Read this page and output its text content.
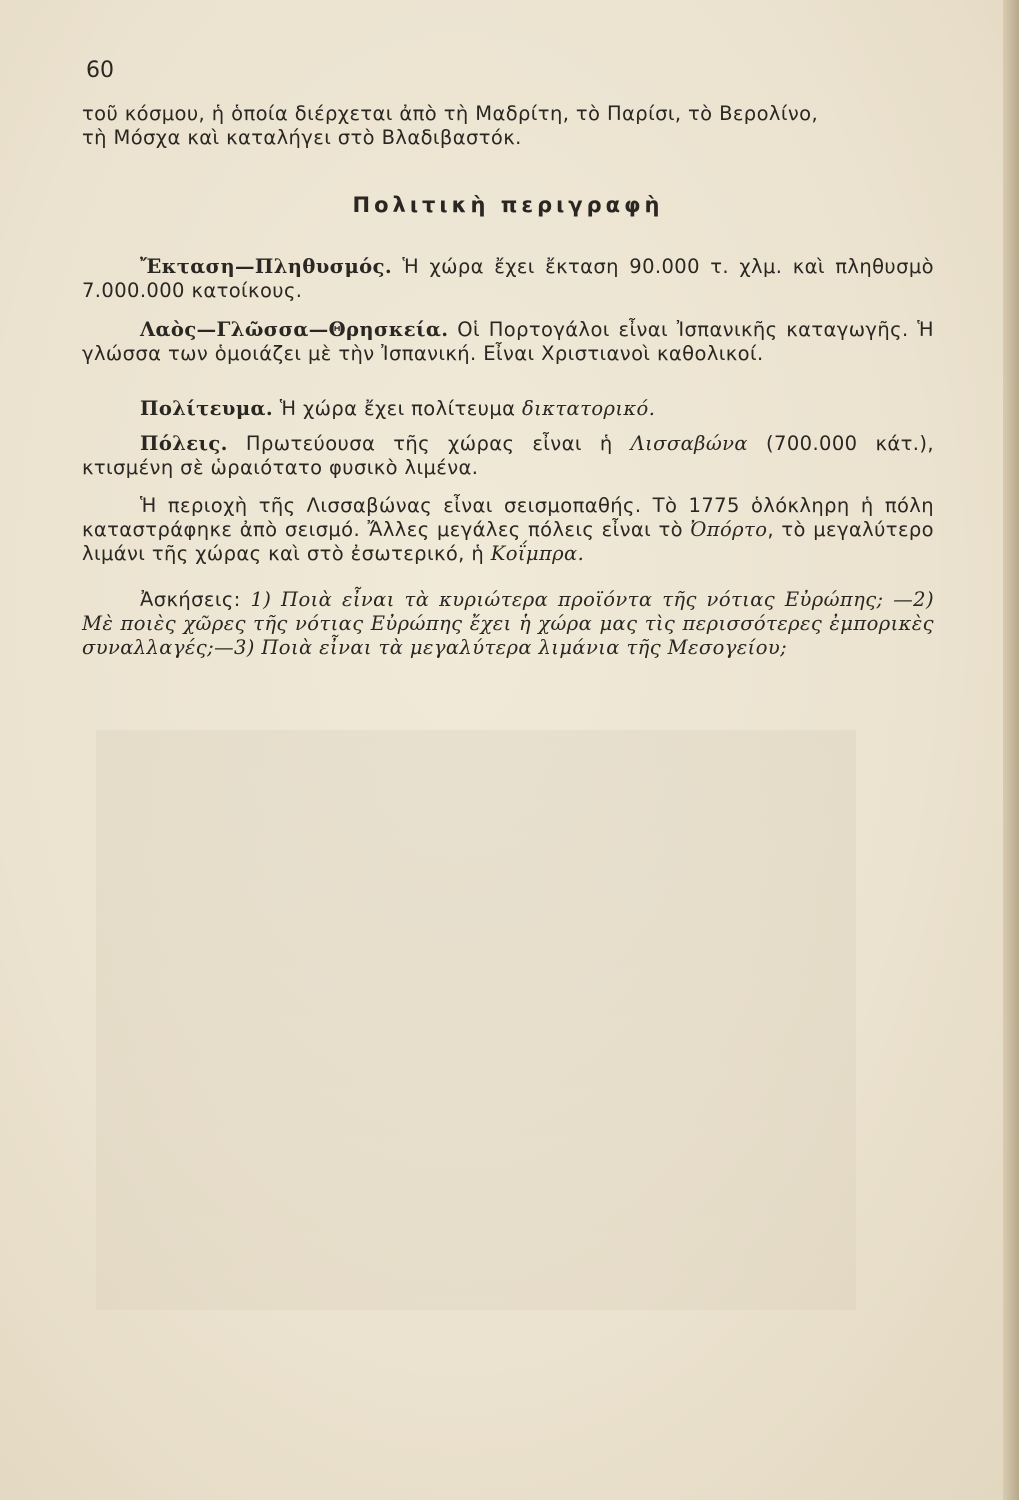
60
τοῦ κόσμου, ἡ ὁποία διέρχεται ἀπὸ τὴ Μαδρίτη, τὸ Παρίσι, τὸ Βερολίνο,
τὴ Μόσχα καὶ καταλήγει στὸ Βλαδιβαστόκ.
Πολιτικὴ περιγραφὴ
Ἔκταση—Πληθυσμός. Ἡ χώρα ἔχει ἔκταση 90.000 τ. χλμ. καὶ πληθυσμὸ 7.000.000 κατοίκους.
Λαὸς—Γλῶσσα—Θρησκεία. Οἱ Πορτογάλοι εἶναι Ἰσπανικῆς καταγωγῆς. Ἡ γλώσσα των ὁμοιάζει μὲ τὴν Ἰσπανική. Εἶναι Χριστιανοὶ καθολικοί.
Πολίτευμα. Ἡ χώρα ἔχει πολίτευμα δικτατορικό.
Πόλεις. Πρωτεύουσα τῆς χώρας εἶναι ἡ Λισσαβώνα (700.000 κάτ.), κτισμένη σὲ ὡραιότατο φυσικὸ λιμένα.
Ἡ περιοχὴ τῆς Λισσαβώνας εἶναι σεισμοπαθής. Τὸ 1775 ὁλόκληρη ἡ πόλη καταστράφηκε ἀπὸ σεισμό. Ἄλλες μεγάλες πόλεις εἶναι τὸ Ὀπόρτο, τὸ μεγαλύτερο λιμάνι τῆς χώρας καὶ στὸ ἐσωτερικό, ἡ Κοΐμπρα.
Ἀσκήσεις: 1) Ποιὰ εἶναι τὰ κυριώτερα προϊόντα τῆς νότιας Εὐρώπης; —2) Μὲ ποιὲς χῶρες τῆς νότιας Εὐρώπης ἔχει ἡ χώρα μας τὶς περισσότερες ἐμπορικὲς συναλλαγές;—3) Ποιὰ εἶναι τὰ μεγαλύτερα λιμάνια τῆς Μεσογείου;
